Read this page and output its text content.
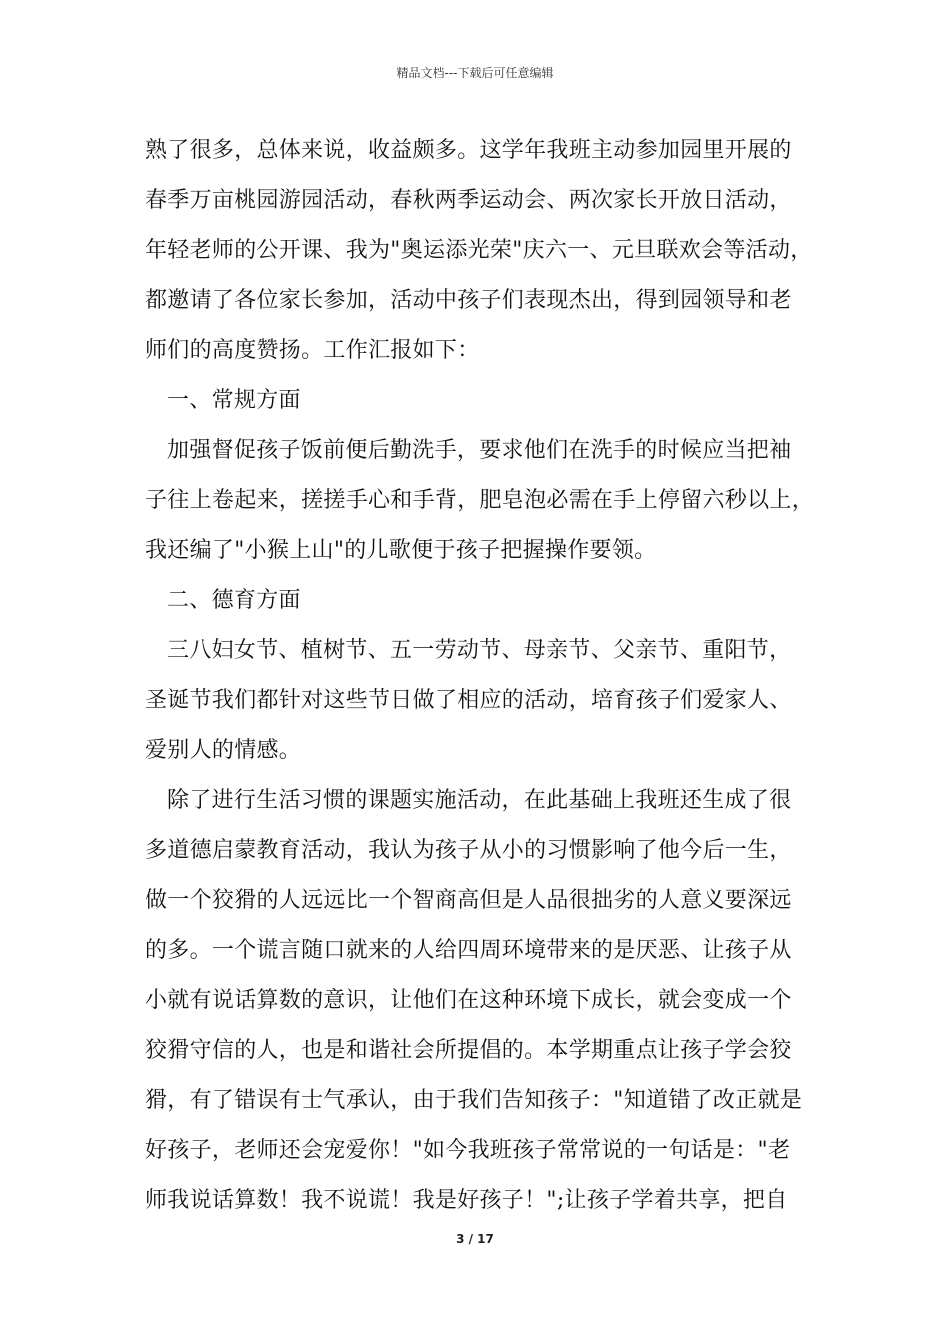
精品文档---下载后可任意编辑
熟了很多，总体来说，收益颇多。这学年我班主动参加园里开展的
春季万亩桃园游园活动，春秋两季运动会、两次家长开放日活动，
年轻老师的公开课、我为"奥运添光荣"庆六一、元旦联欢会等活动，
都邀请了各位家长参加，活动中孩子们表现杰出，得到园领导和老
师们的高度赞扬。工作汇报如下：
一、常规方面
加强督促孩子饭前便后勤洗手，要求他们在洗手的时候应当把袖
子往上卷起来，搓搓手心和手背，肥皂泡必需在手上停留六秒以上，
我还编了"小猴上山"的儿歌便于孩子把握操作要领。
二、德育方面
三八妇女节、植树节、五一劳动节、母亲节、父亲节、重阳节，
圣诞节我们都针对这些节日做了相应的活动，培育孩子们爱家人、
爱别人的情感。
除了进行生活习惯的课题实施活动，在此基础上我班还生成了很
多道德启蒙教育活动，我认为孩子从小的习惯影响了他今后一生，
做一个狡猾的人远远比一个智商高但是人品很拙劣的人意义要深远
的多。一个谎言随口就来的人给四周环境带来的是厌恶、让孩子从
小就有说话算数的意识，让他们在这种环境下成长，就会变成一个
狡猾守信的人，也是和谐社会所提倡的。本学期重点让孩子学会狡
猾，有了错误有士气承认，由于我们告知孩子："知道错了改正就是
好孩子，老师还会宠爱你！"如今我班孩子常常说的一句话是："老
师我说话算数！我不说谎！我是好孩子！";让孩子学着共享，把自
3 / 17
